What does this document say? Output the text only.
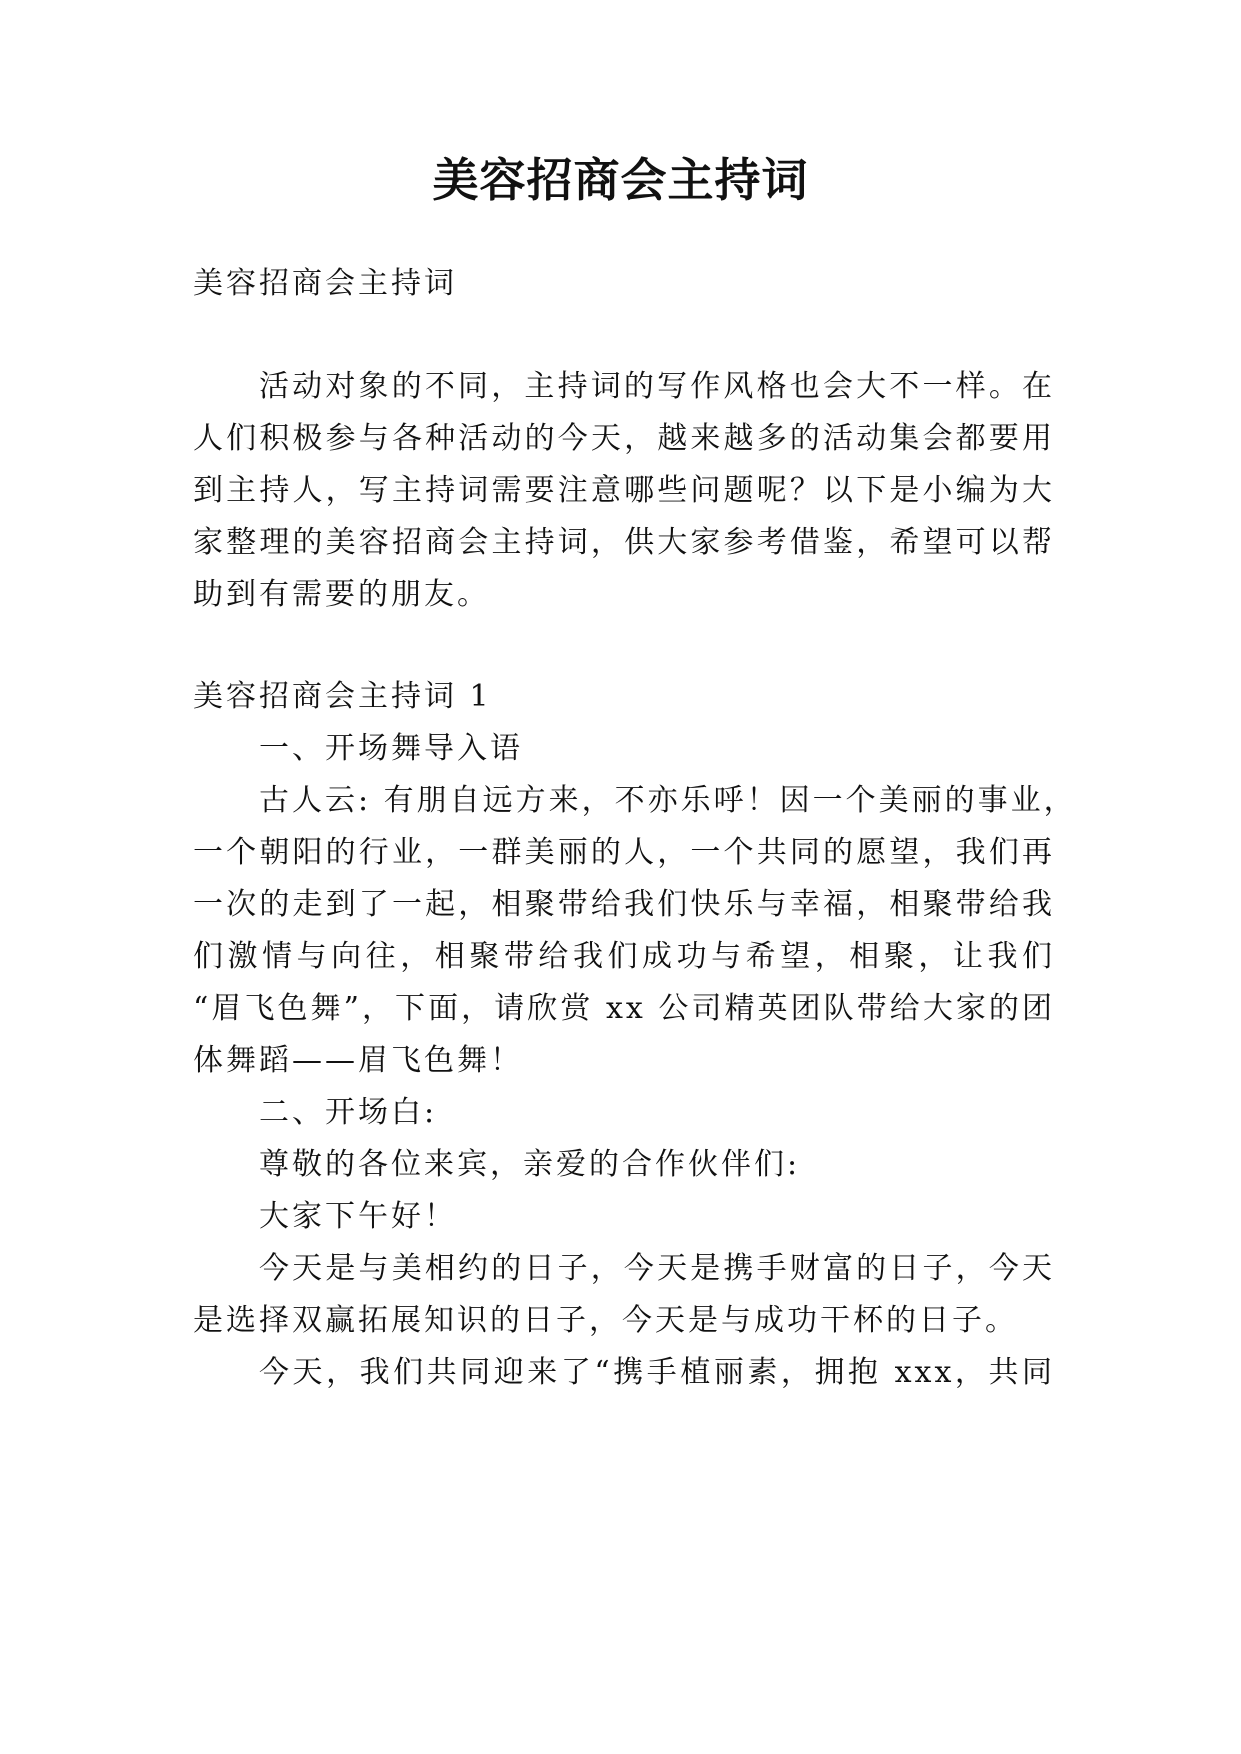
美容招商会主持词
美容招商会主持词
活动对象的不同，主持词的写作风格也会大不一样。在
人们积极参与各种活动的今天，越来越多的活动集会都要用
到主持人，写主持词需要注意哪些问题呢？以下是小编为大
家整理的美容招商会主持词，供大家参考借鉴，希望可以帮
助到有需要的朋友。
美容招商会主持词 1
一、开场舞导入语
古人云: 有朋自远方来，不亦乐呼！因一个美丽的事业，
一个朝阳的行业，一群美丽的人，一个共同的愿望，我们再
一次的走到了一起，相聚带给我们快乐与幸福，相聚带给我
们激情与向往，相聚带给我们成功与希望，相聚，让我们
“眉飞色舞”，下面，请欣赏 xx 公司精英团队带给大家的团
体舞蹈——眉飞色舞！
二、开场白:
尊敬的各位来宾，亲爱的合作伙伴们:
大家下午好！
今天是与美相约的日子，今天是携手财富的日子，今天
是选择双赢拓展知识的日子，今天是与成功干杯的日子。
今天，我们共同迎来了“携手植丽素，拥抱 xxx，共同
